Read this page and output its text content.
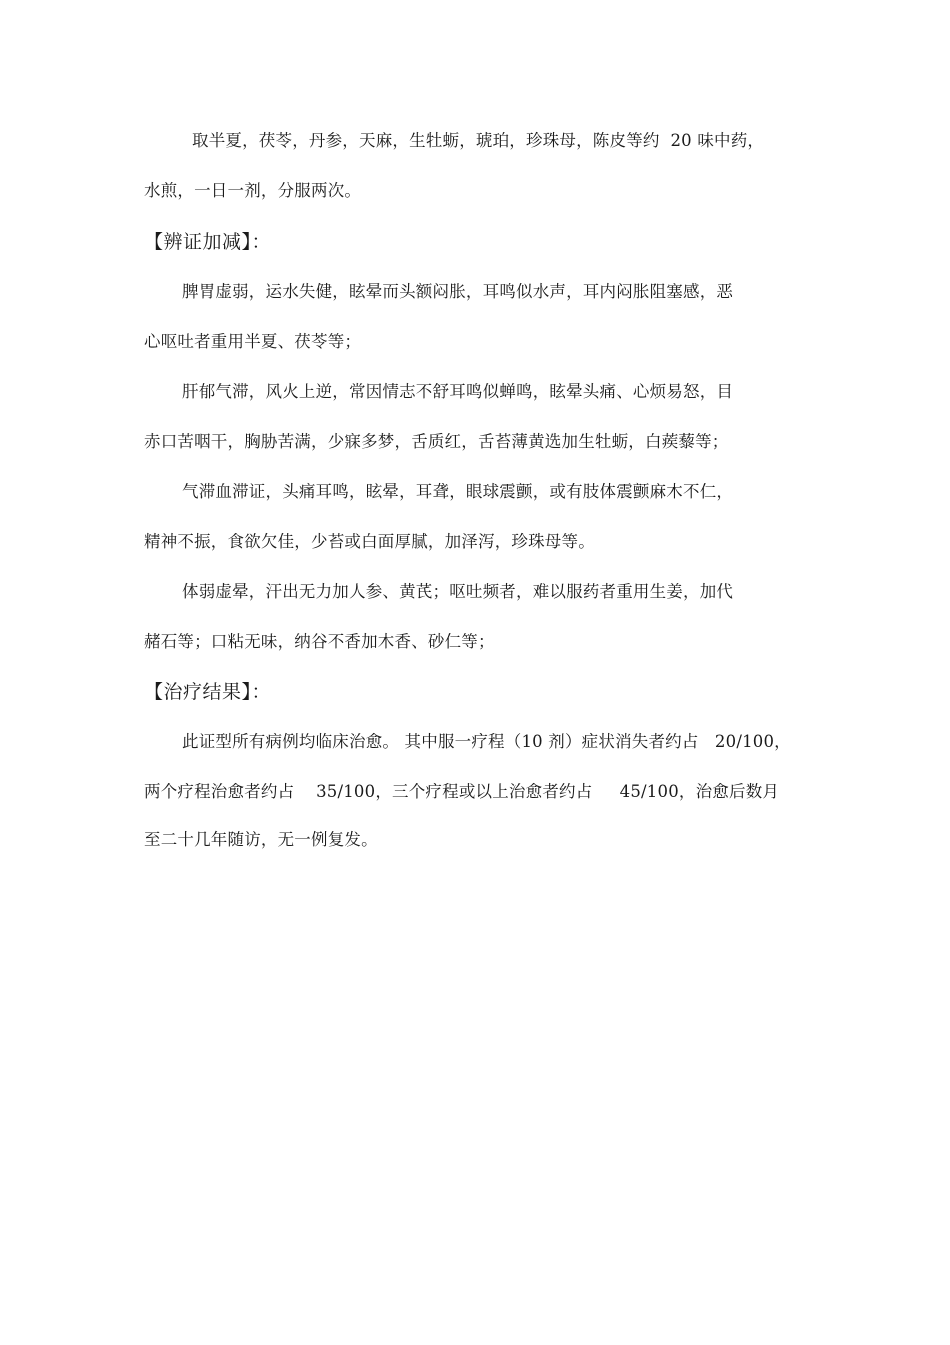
取半夏，茯苓，丹参，天麻，生牡蛎，琥珀，珍珠母，陈皮等约  20 味中药，
水煎，一日一剂，分服两次。
【辨证加减】：
脾胃虚弱，运水失健，眩晕而头额闷胀，耳鸣似水声，耳内闷胀阻塞感，恶
心呕吐者重用半夏、茯苓等；
肝郁气滞，风火上逆，常因情志不舒耳鸣似蝉鸣，眩晕头痛、心烦易怒，目
赤口苦咽干，胸胁苦满，少寐多梦，舌质红，舌苔薄黄选加生牡蛎，白蒺藜等；
气滞血滞证，头痛耳鸣，眩晕，耳聋，眼球震颤，或有肢体震颤麻木不仁，
精神不振，食欲欠佳，少苔或白面厚腻，加泽泻，珍珠母等。
体弱虚晕，汗出无力加人参、黄芪；呕吐频者，难以服药者重用生姜，加代
赭石等；口粘无味，纳谷不香加木香、砂仁等；
【治疗结果】：
此证型所有病例均临床治愈。 其中服一疗程（10 剂）症状消失者约占   20/100，
两个疗程治愈者约占    35/100，三个疗程或以上治愈者约占     45/100，治愈后数月
至二十几年随访，无一例复发。
